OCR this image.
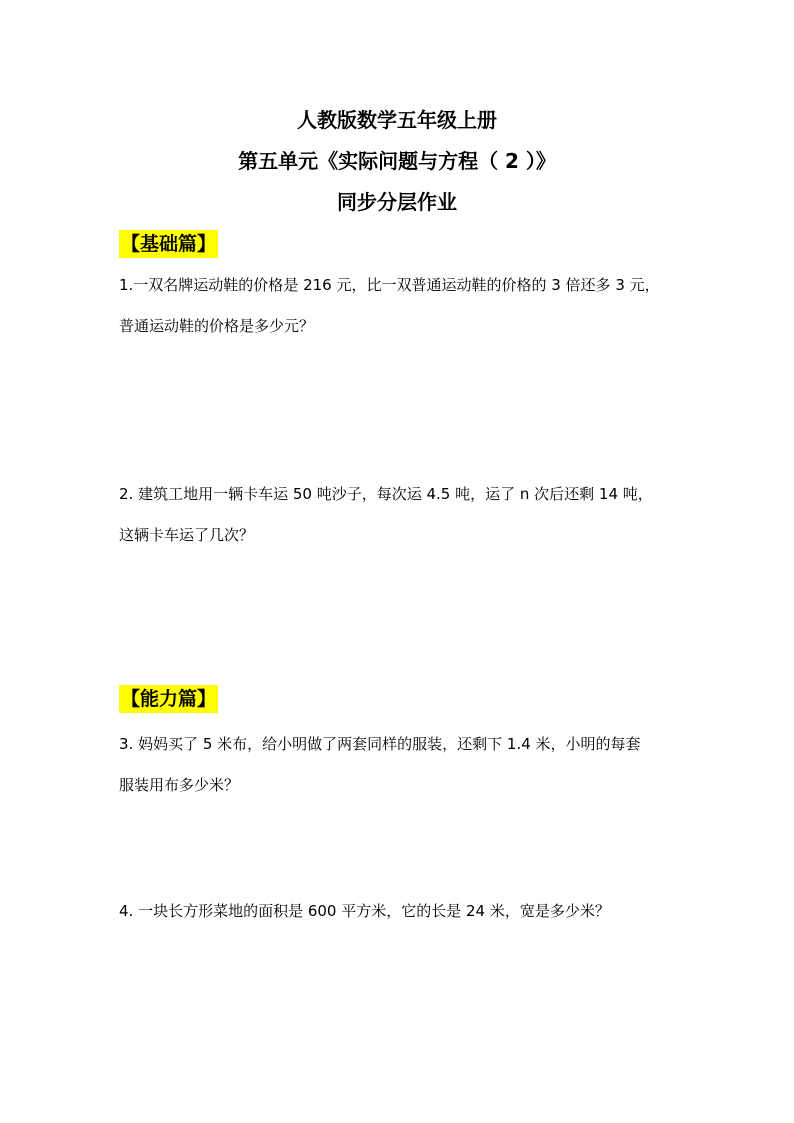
人教版数学五年级上册
第五单元《实际问题与方程（ 2 ）》
同步分层作业
【基础篇】
1.一双名牌运动鞋的价格是 216 元，比一双普通运动鞋的价格的 3 倍还多 3 元，
普通运动鞋的价格是多少元？
2. 建筑工地用一辆卡车运 50 吨沙子，每次运 4.5 吨，运了 n 次后还剩 14 吨，
这辆卡车运了几次？
【能力篇】
3. 妈妈买了 5 米布，给小明做了两套同样的服装，还剩下 1.4 米，小明的每套
服装用布多少米？
4. 一块长方形菜地的面积是 600 平方米，它的长是 24 米，宽是多少米？
